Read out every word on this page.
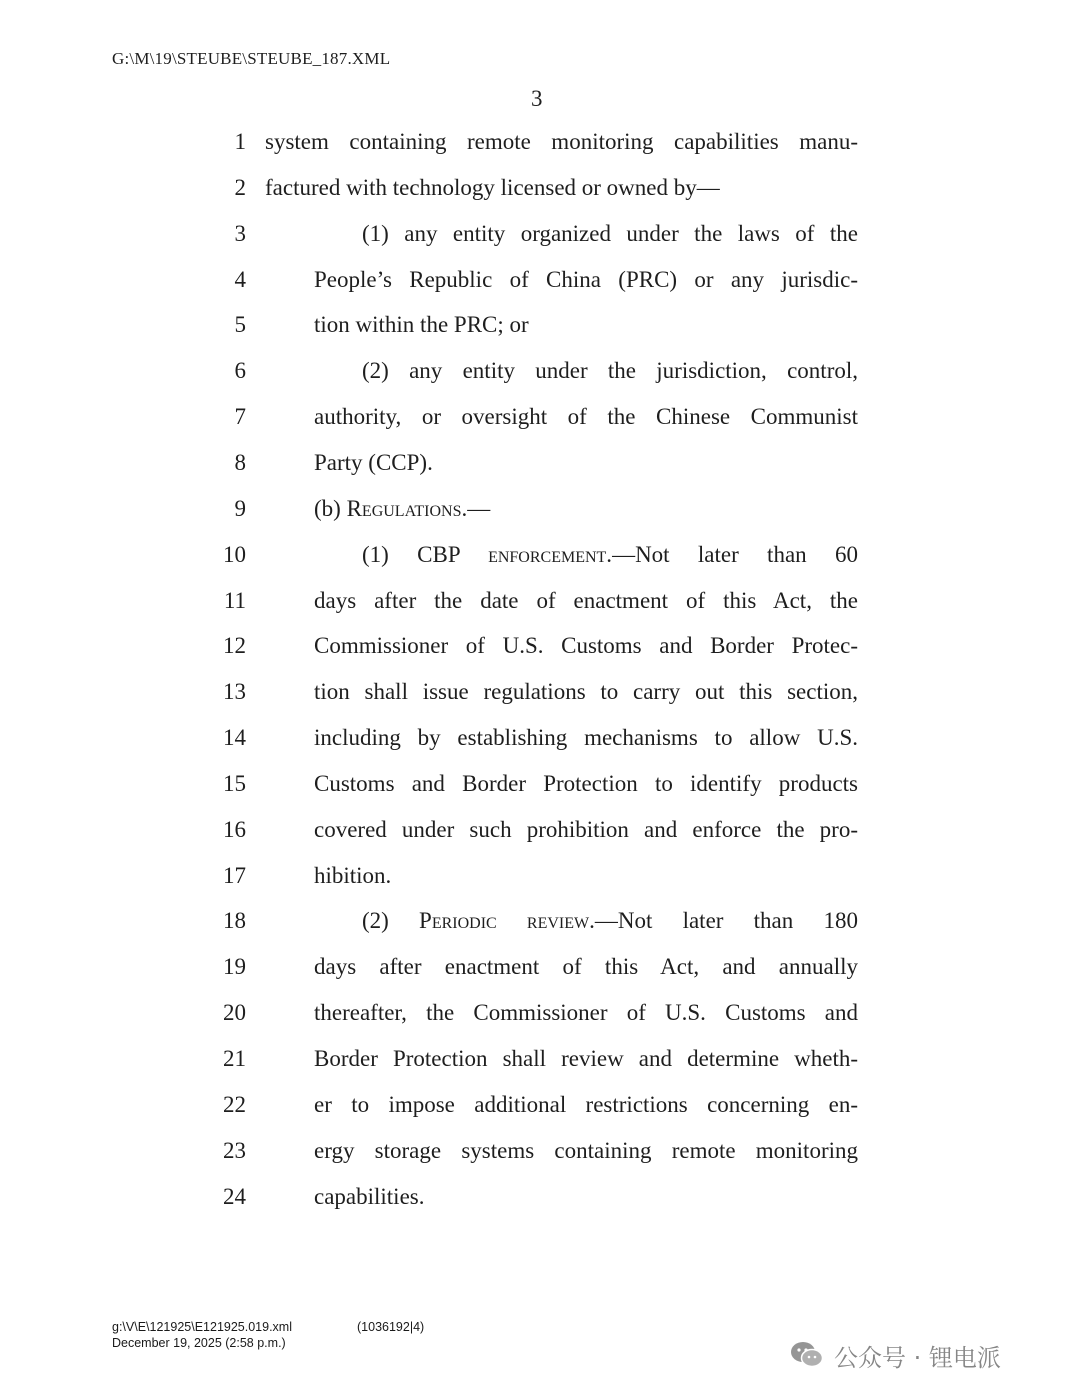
G:\M\19\STEUBE\STEUBE_187.XML
3
1 system containing remote monitoring capabilities manu-
2 factured with technology licensed or owned by—
3	(1) any entity organized under the laws of the
4	People’s Republic of China (PRC) or any jurisdic-
5	tion within the PRC; or
6	(2) any entity under the jurisdiction, control,
7	authority, or oversight of the Chinese Communist
8	Party (CCP).
9	(b) Regulations.—
10	(1) CBP enforcement.—Not later than 60
11	days after the date of enactment of this Act, the
12	Commissioner of U.S. Customs and Border Protec-
13	tion shall issue regulations to carry out this section,
14	including by establishing mechanisms to allow U.S.
15	Customs and Border Protection to identify products
16	covered under such prohibition and enforce the pro-
17	hibition.
18	(2) Periodic review.—Not later than 180
19	days after enactment of this Act, and annually
20	thereafter, the Commissioner of U.S. Customs and
21	Border Protection shall review and determine wheth-
22	er to impose additional restrictions concerning en-
23	ergy storage systems containing remote monitoring
24	capabilities.
g:\V\E\121925\E121925.019.xml
December 19, 2025 (2:58 p.m.)
(1036192|4)
公众号 · 锂电派
